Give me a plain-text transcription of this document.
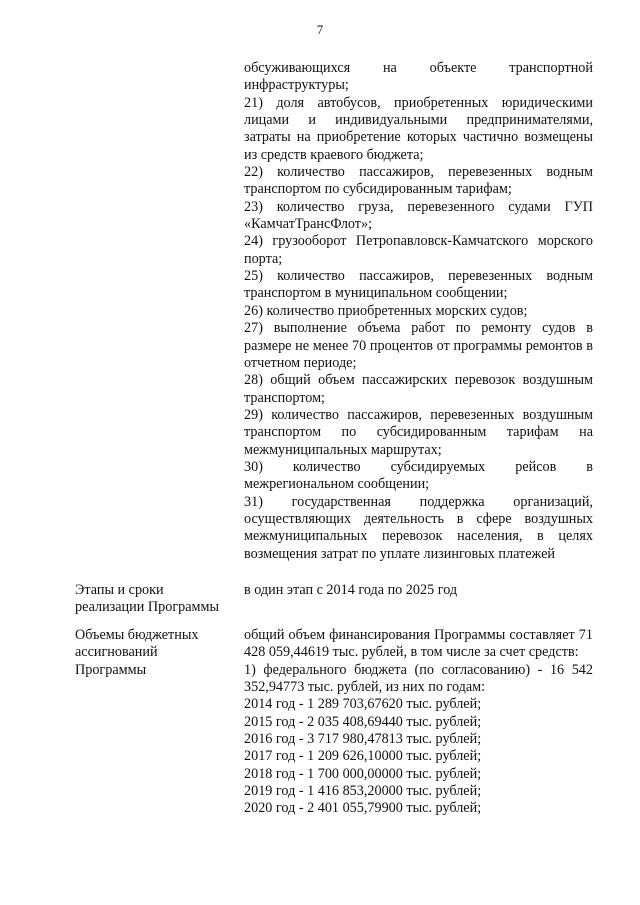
7

обсуживающихся на объекте транспортной инфраструктуры;

21) доля автобусов, приобретенных юридическими лицами и индивидуальными предпринимателями, затраты на приобретение которых частично возмещены из средств краевого бюджета;

22) количество пассажиров, перевезенных водным транспортом по субсидированным тарифам;

23) количество груза, перевезенного судами ГУП «КамчатТрансФлот»;

24) грузооборот Петропавловск-Камчатского морского порта;

25) количество пассажиров, перевезенных водным транспортом в муниципальном сообщении;

26) количество приобретенных морских судов;

27) выполнение объема работ по ремонту судов в размере не менее 70 процентов от программы ремонтов в отчетном периоде;

28) общий объем пассажирских перевозок воздушным транспортом;

29) количество пассажиров, перевезенных воздушным транспортом по субсидированным тарифам на межмуниципальных маршрутах;

30) количество субсидируемых рейсов в межрегиональном сообщении;

31) государственная поддержка организаций, осуществляющих деятельность в сфере воздушных межмуниципальных перевозок населения, в целях возмещения затрат по уплате лизинговых платежей

Этапы и сроки
реализации Программы

в один этап с 2014 года по 2025 год

Объемы бюджетных
ассигнований
Программы

общий объем финансирования Программы составляет 71 428 059,44619 тыс. рублей, в том числе за счет средств:

1) федерального бюджета (по согласованию) - 16 542 352,94773 тыс. рублей, из них по годам:

2014 год - 1 289 703,67620 тыс. рублей;

2015 год - 2 035 408,69440 тыс. рублей;

2016 год - 3 717 980,47813 тыс. рублей;

2017 год - 1 209 626,10000 тыс. рублей;

2018 год - 1 700 000,00000 тыс. рублей;

2019 год - 1 416 853,20000 тыс. рублей;

2020 год - 2 401 055,79900 тыс. рублей;
